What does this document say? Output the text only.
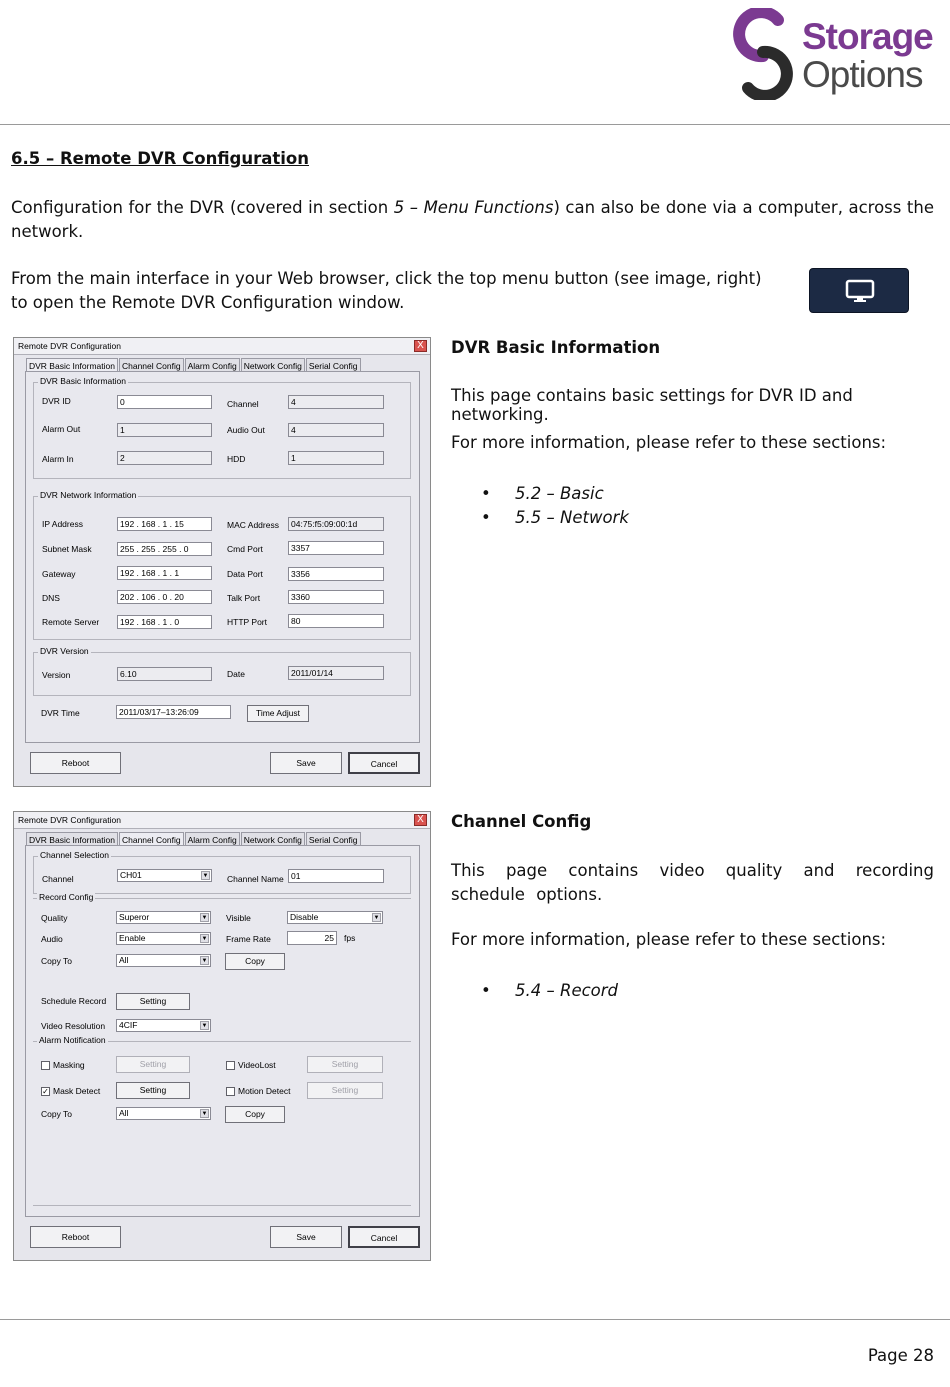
Storage
Options
6.5 – Remote DVR Configuration
Configuration for the DVR (covered in section 5 – Menu Functions) can also be done via a computer, across the network.
From the main interface in your Web browser, click the top menu button (see image, right) to open the Remote DVR Configuration window.
Remote DVR Configuration	X
DVR Basic Information Channel Config Alarm Config Network Config Serial Config
DVR Basic Information
DVR ID	0	Channel	4
Alarm Out	1	Audio Out	4
Alarm In	2	HDD	1
DVR Network Information
IP Address	192 . 168 . 1 . 15	MAC Address	04:75:f5:09:00:1d
Subnet Mask	255 . 255 . 255 . 0	Cmd Port	3357
Gateway	192 . 168 . 1 . 1	Data Port	3356
DNS	202 . 106 . 0 . 20	Talk Port	3360
Remote Server	192 . 168 . 1 . 0	HTTP Port	80
DVR Version
Version	6.10	Date	2011/01/14
DVR Time	2011/03/17–13:26:09	Time Adjust
Reboot	Save	Cancel
DVR Basic Information
This page contains basic settings for DVR ID and networking.
For more information, please refer to these sections:
• 5.2 – Basic
• 5.5 – Network
Remote DVR Configuration	X
DVR Basic Information Channel Config Alarm Config Network Config Serial Config
Channel Selection
Channel	CH01	▼ Channel Name 01
Record Config
Quality	Superor	▼ Visible	Disable	▼
Audio	Enable	▼ Frame Rate	25	fps
Copy To	All	▼	Copy
Schedule Record	Setting
Video Resolution	4CIF	▼
Alarm Notification
Masking	Setting	VideoLost	Setting
✓ Mask Detect	Setting	Motion Detect	Setting
Copy To	All	▼	Copy
Reboot	Save	Cancel
Channel Config
This page contains video quality and recording schedule options.
For more information, please refer to these sections:
• 5.4 – Record
Page 28
